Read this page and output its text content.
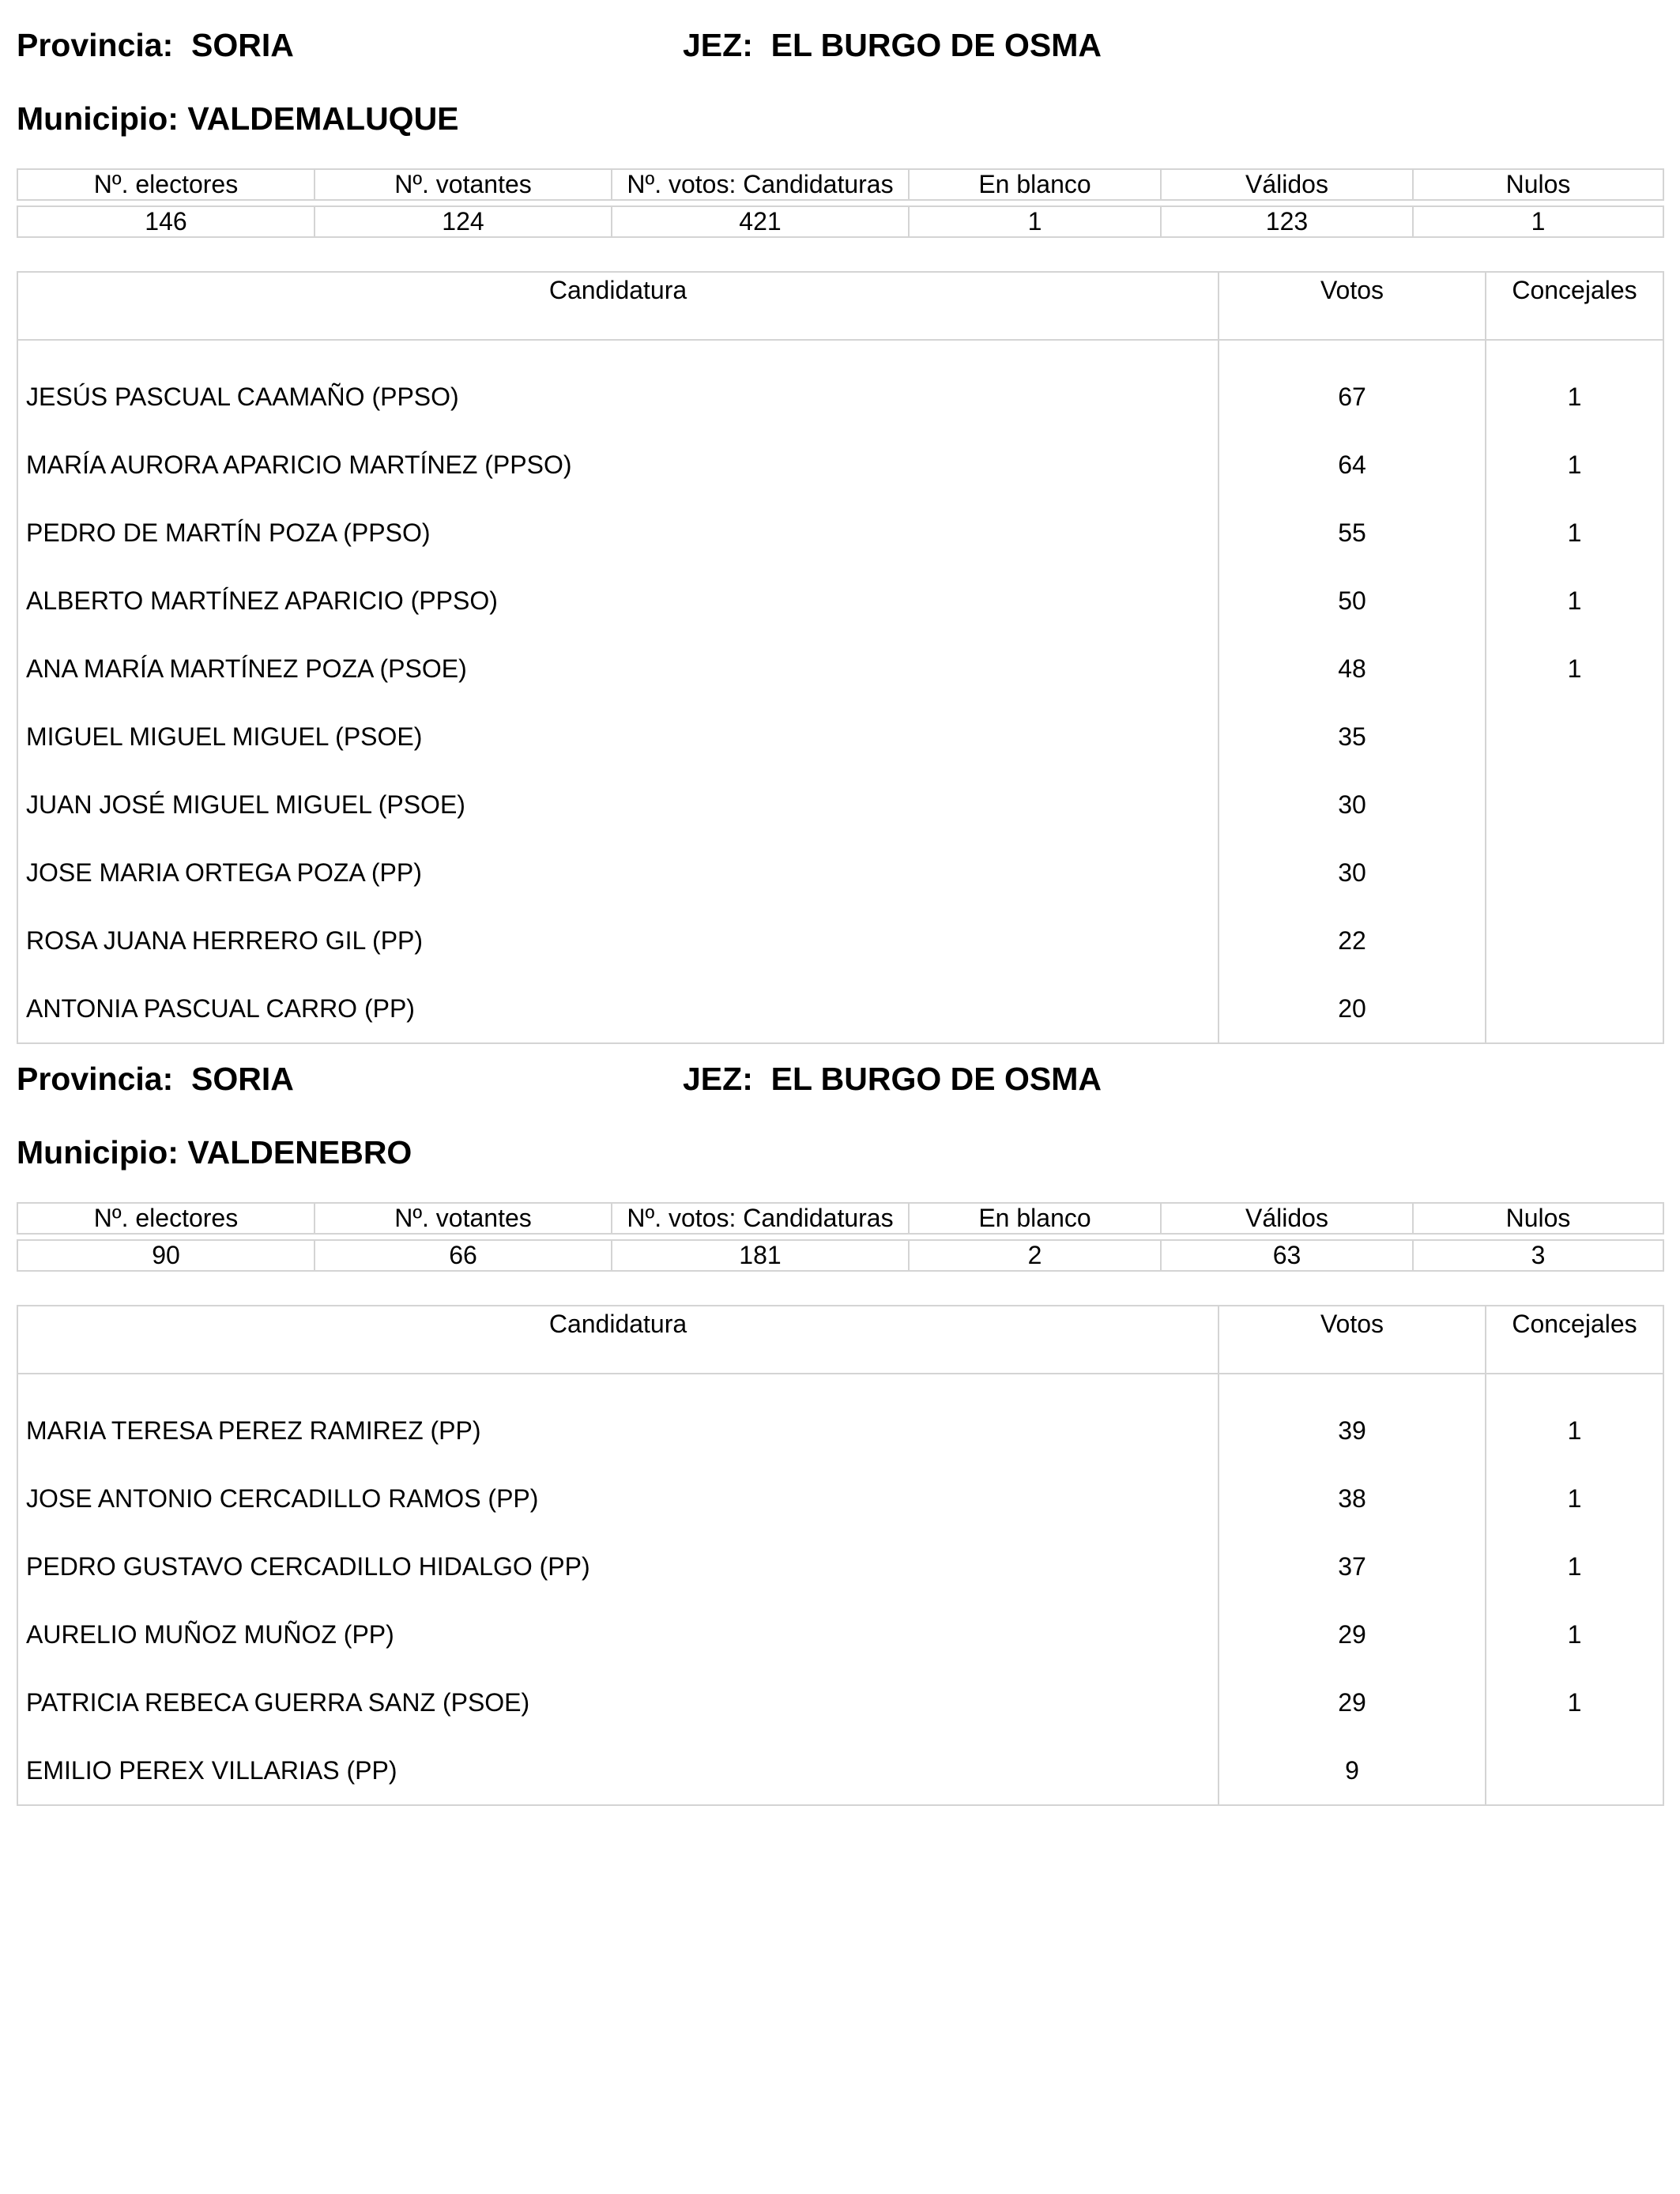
Provincia:  SORIA	JEZ:  EL BURGO DE OSMA
Municipio: VALDEMALUQUE
Nº. electores	Nº. votantes	Nº. votos: Candidaturas	En blanco	Válidos	Nulos

146	124	421	1	123	1
Candidatura	Votos	Concejales
JESÚS PASCUAL CAAMAÑO (PPSO)	67	1
MARÍA AURORA APARICIO MARTÍNEZ (PPSO)	64	1
PEDRO DE MARTÍN POZA (PPSO)	55	1
ALBERTO MARTÍNEZ APARICIO (PPSO)	50	1
ANA MARÍA MARTÍNEZ POZA (PSOE)	48	1
MIGUEL MIGUEL MIGUEL (PSOE)	35	
JUAN JOSÉ MIGUEL MIGUEL (PSOE)	30	
JOSE MARIA ORTEGA POZA (PP)	30	
ROSA JUANA HERRERO GIL (PP)	22	
ANTONIA PASCUAL CARRO (PP)	20	
Provincia:  SORIA	JEZ:  EL BURGO DE OSMA
Municipio: VALDENEBRO
Nº. electores	Nº. votantes	Nº. votos: Candidaturas	En blanco	Válidos	Nulos

90	66	181	2	63	3
Candidatura	Votos	Concejales
MARIA TERESA PEREZ RAMIREZ (PP)	39	1
JOSE ANTONIO CERCADILLO RAMOS (PP)	38	1
PEDRO GUSTAVO CERCADILLO HIDALGO (PP)	37	1
AURELIO MUÑOZ MUÑOZ (PP)	29	1
PATRICIA REBECA GUERRA SANZ (PSOE)	29	1
EMILIO PEREX VILLARIAS (PP)	9	
